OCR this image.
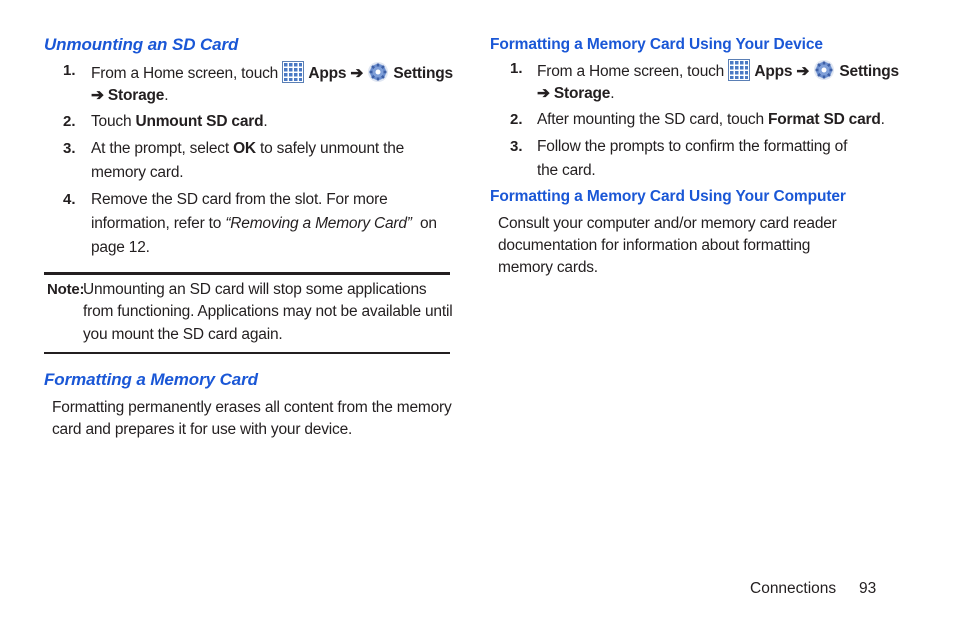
Unmounting an SD Card
1. From a Home screen, touch Apps ➔ Settings
➔ Storage.
2. Touch Unmount SD card.
3. At the prompt, select OK to safely unmount the
memory card.
4. Remove the SD card from the slot. For more
information, refer to “Removing a Memory Card”  on
page 12.
Note:
Unmounting an SD card will stop some applications
from functioning. Applications may not be available until
you mount the SD card again.
Formatting a Memory Card
Formatting permanently erases all content from the memory
card and prepares it for use with your device.
Formatting a Memory Card Using Your Device
1. From a Home screen, touch Apps ➔ Settings
➔ Storage.
2. After mounting the SD card, touch Format SD card.
3. Follow the prompts to confirm the formatting of
the card.
Formatting a Memory Card Using Your Computer
Consult your computer and/or memory card reader
documentation for information about formatting
memory cards.
Connections 93
